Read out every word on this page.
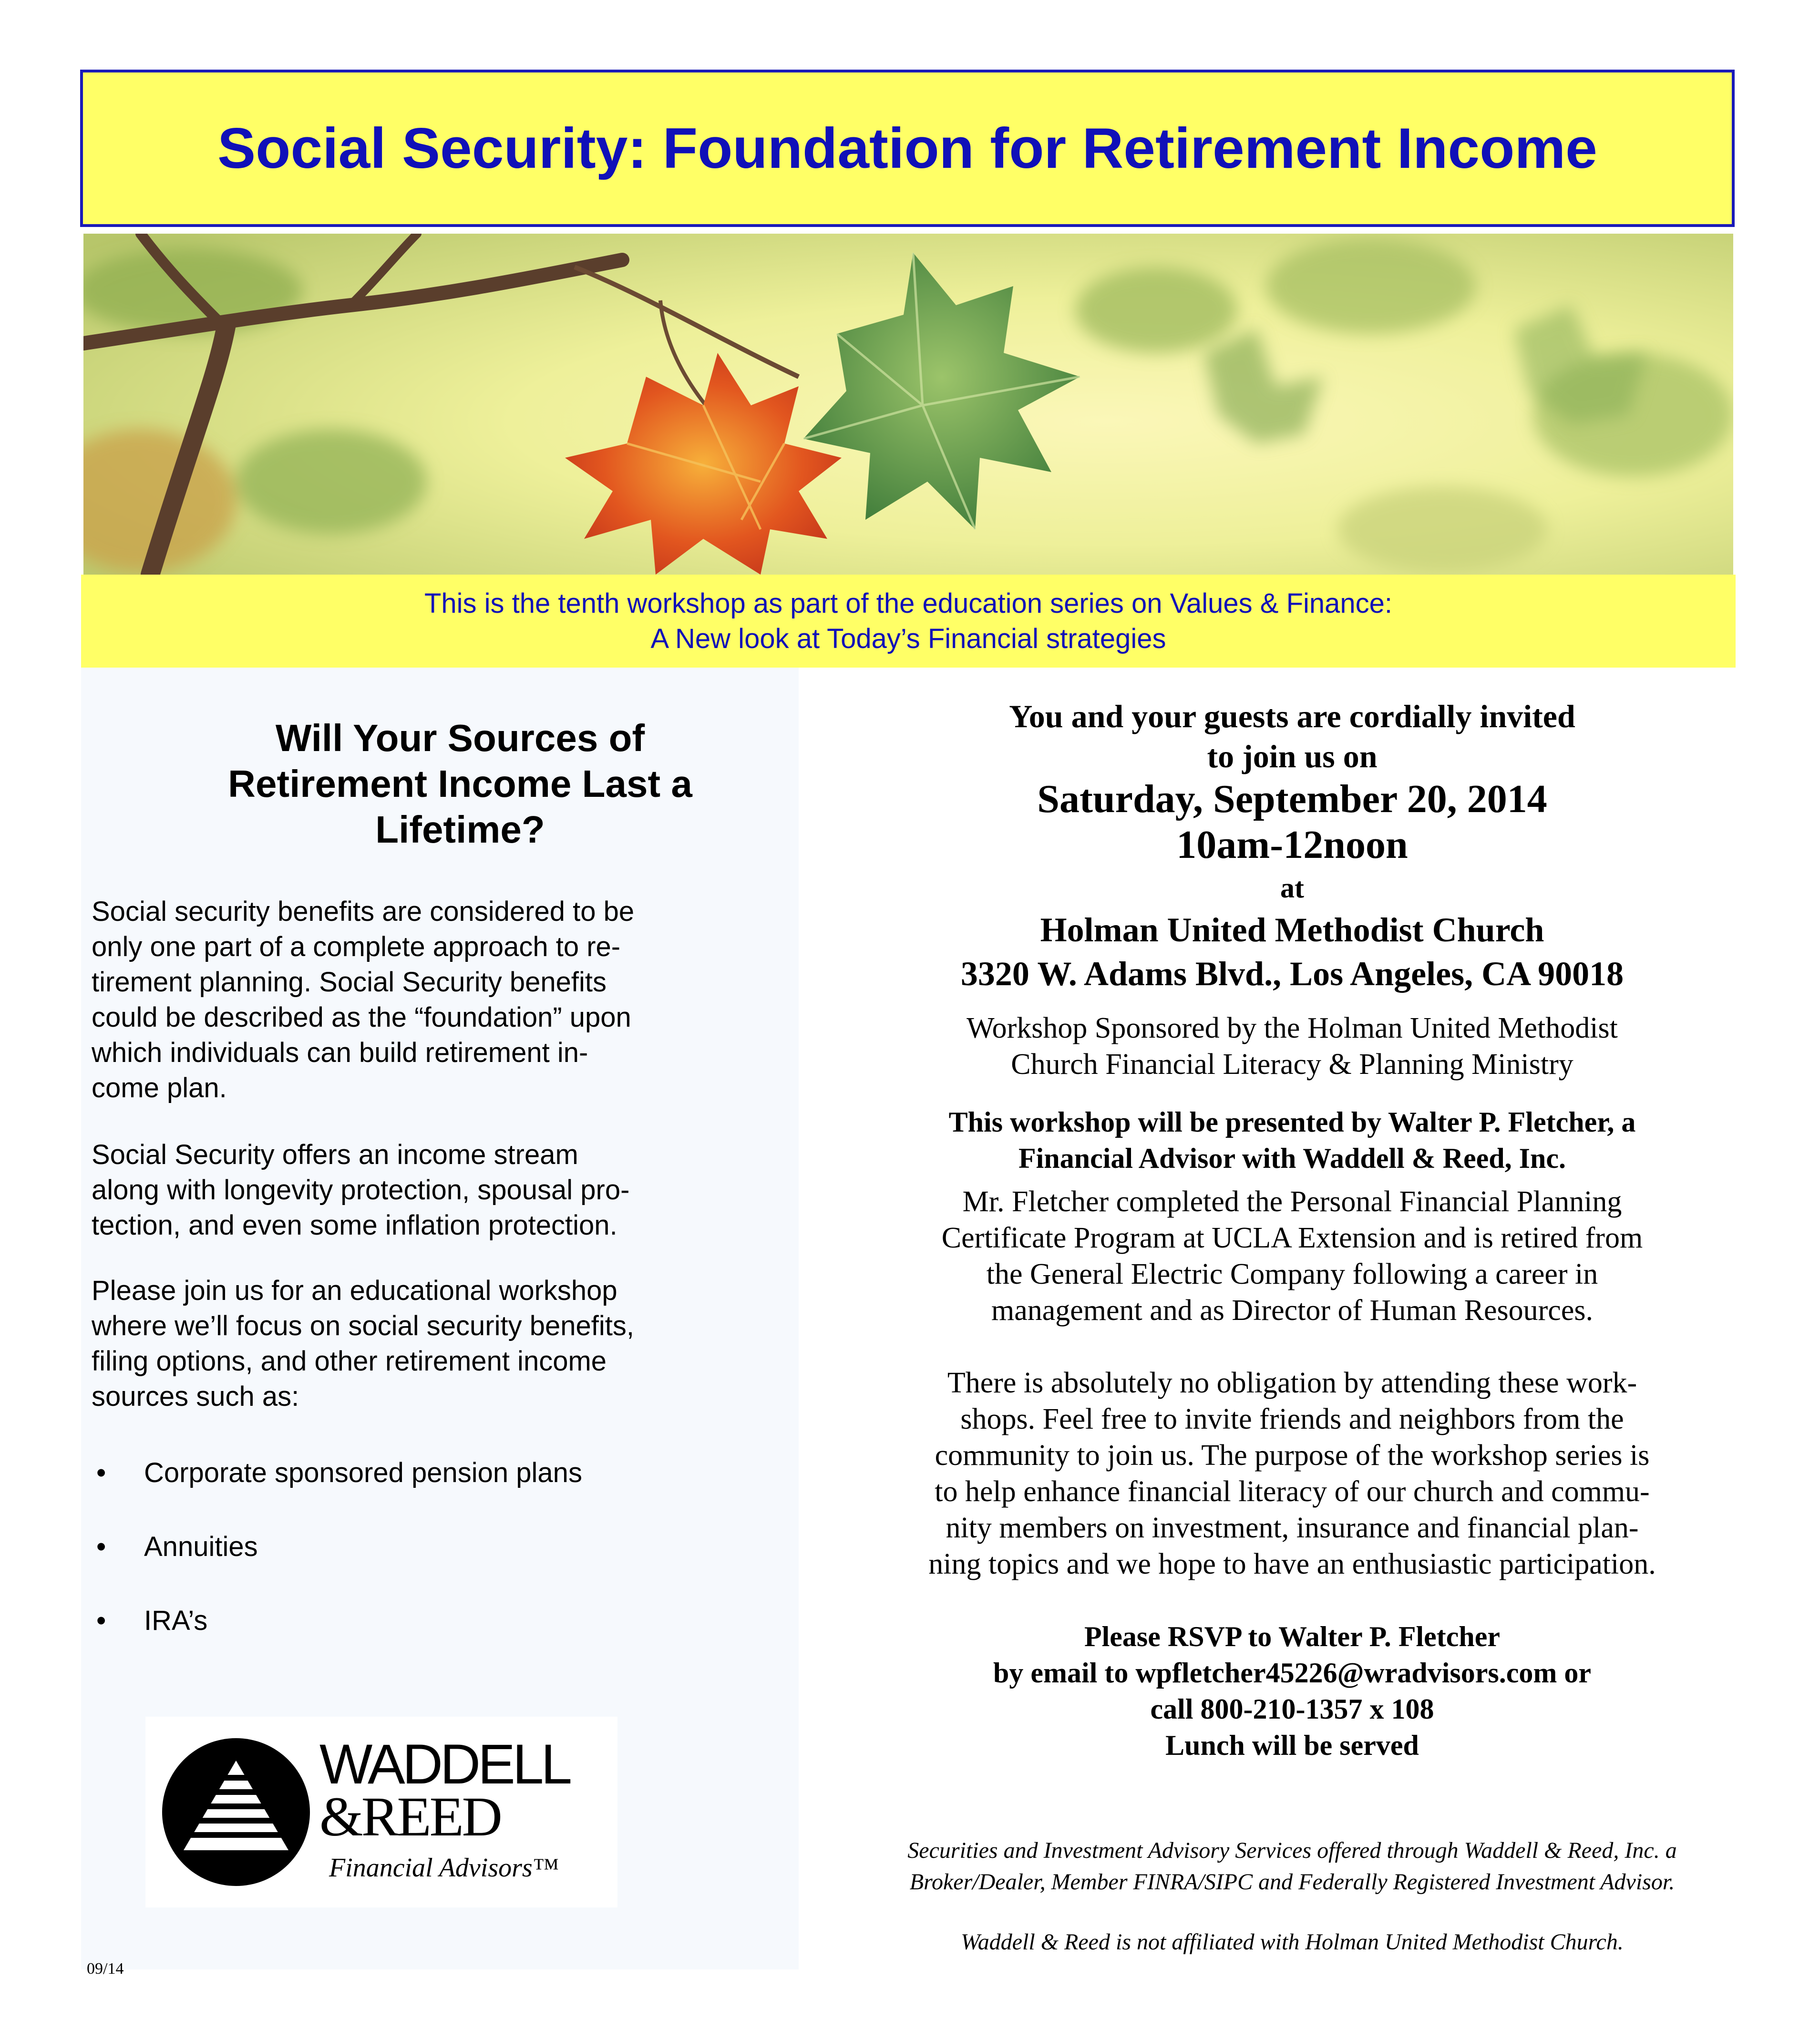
Social Security: Foundation for Retirement Income
This is the tenth workshop as part of the education series on Values & Finance:
A New look at Today’s Financial strategies
Will Your Sources of
Retirement Income Last a
Lifetime?

Social security benefits are considered to be
only one part of a complete approach to re-
tirement planning. Social Security benefits
could be described as the “foundation” upon
which individuals can build retirement in-
come plan.

Social Security offers an income stream
along with longevity protection, spousal pro-
tection, and even some inflation protection.

Please join us for an educational workshop
where we’ll focus on social security benefits,
filing options, and other retirement income
sources such as:

•	Corporate sponsored pension plans
•	Annuities
•	IRA’s
WADDELL
&REED
Financial Advisors™
09/14

You and your guests are cordially invited
to join us on

Saturday, September 20, 2014

10am-12noon

at

Holman United Methodist Church

3320 W. Adams Blvd., Los Angeles, CA 90018

Workshop Sponsored by the Holman United Methodist
Church Financial Literacy & Planning Ministry

This workshop will be presented by Walter P. Fletcher, a
Financial Advisor with Waddell & Reed, Inc.

Mr. Fletcher completed the Personal Financial Planning
Certificate Program at UCLA Extension and is retired from
the General Electric Company following a career in
management and as Director of Human Resources.

There is absolutely no obligation by attending these work-
shops. Feel free to invite friends and neighbors from the
community to join us. The purpose of the workshop series is
to help enhance financial literacy of our church and commu-
nity members on investment, insurance and financial plan-
ning topics and we hope to have an enthusiastic participation.

Please RSVP to Walter P. Fletcher
by email to wpfletcher45226@wradvisors.com or
call 800-210-1357 x 108
Lunch will be served

Securities and Investment Advisory Services offered through Waddell & Reed, Inc. a
Broker/Dealer, Member FINRA/SIPC and Federally Registered Investment Advisor.

Waddell & Reed is not affiliated with Holman United Methodist Church.
